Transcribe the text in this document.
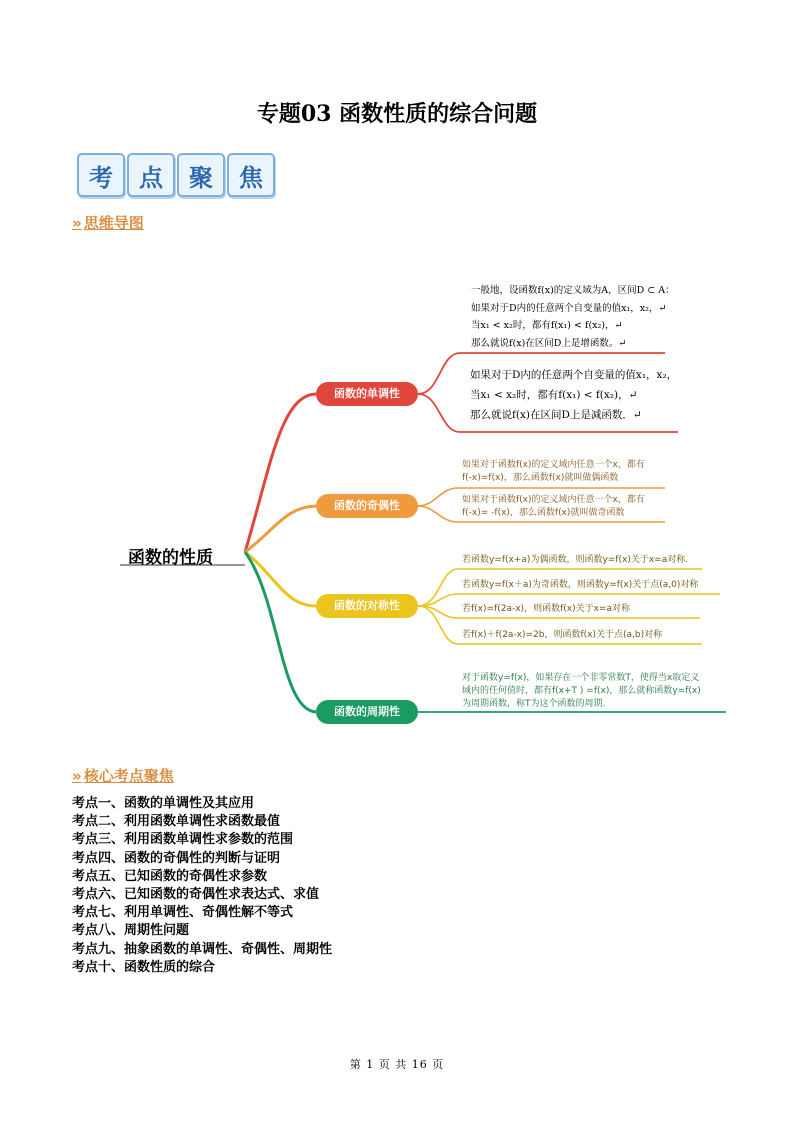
专题03 函数性质的综合问题
考	点	聚	焦
» 思维导图
函数的性质
函数的单调性
函数的奇偶性
函数的对称性
函数的周期性
一般地，设函数f(x)的定义域为A，区间D ⊂ A：
如果对于D内的任意两个自变量的值x₁，x₂，↵
当x₁ < x₂时，都有f(x₁) < f(x₂)，↵
那么就说f(x)在区间D上是增函数。↵
如果对于D内的任意两个自变量的值x₁，x₂，
当x₁ < x₂时，都有f(x₁) < f(x₂)，↵
那么就说f(x)在区间D上是减函数．↵
如果对于函数f(x)的定义域内任意一个x，都有
f(-x)=f(x)，那么函数f(x)就叫做偶函数
如果对于函数f(x)的定义域内任意一个x，都有
f(-x)= -f(x)，那么函数f(x)就叫做奇函数
若函数y=f(x+a)为偶函数，则函数y=f(x)关于x=a对称．
若函数y=f(x＋a)为奇函数，则函数y=f(x)关于点(a,0)对称
若f(x)=f(2a-x)，则函数f(x)关于x=a对称
若f(x)＋f(2a-x)=2b，则函数f(x)关于点(a,b)对称
对于函数y=f(x)，如果存在一个非零常数T，使得当x取定义
域内的任何值时，都有f(x+T ) =f(x)，那么就称函数y=f(x)
为周期函数，称T为这个函数的周期.
» 核心考点聚焦
考点一、函数的单调性及其应用
考点二、利用函数单调性求函数最值
考点三、利用函数单调性求参数的范围
考点四、函数的奇偶性的判断与证明
考点五、已知函数的奇偶性求参数
考点六、已知函数的奇偶性求表达式、求值
考点七、利用单调性、奇偶性解不等式
考点八、周期性问题
考点九、抽象函数的单调性、奇偶性、周期性
考点十、函数性质的综合
第 1 页 共 16 页
